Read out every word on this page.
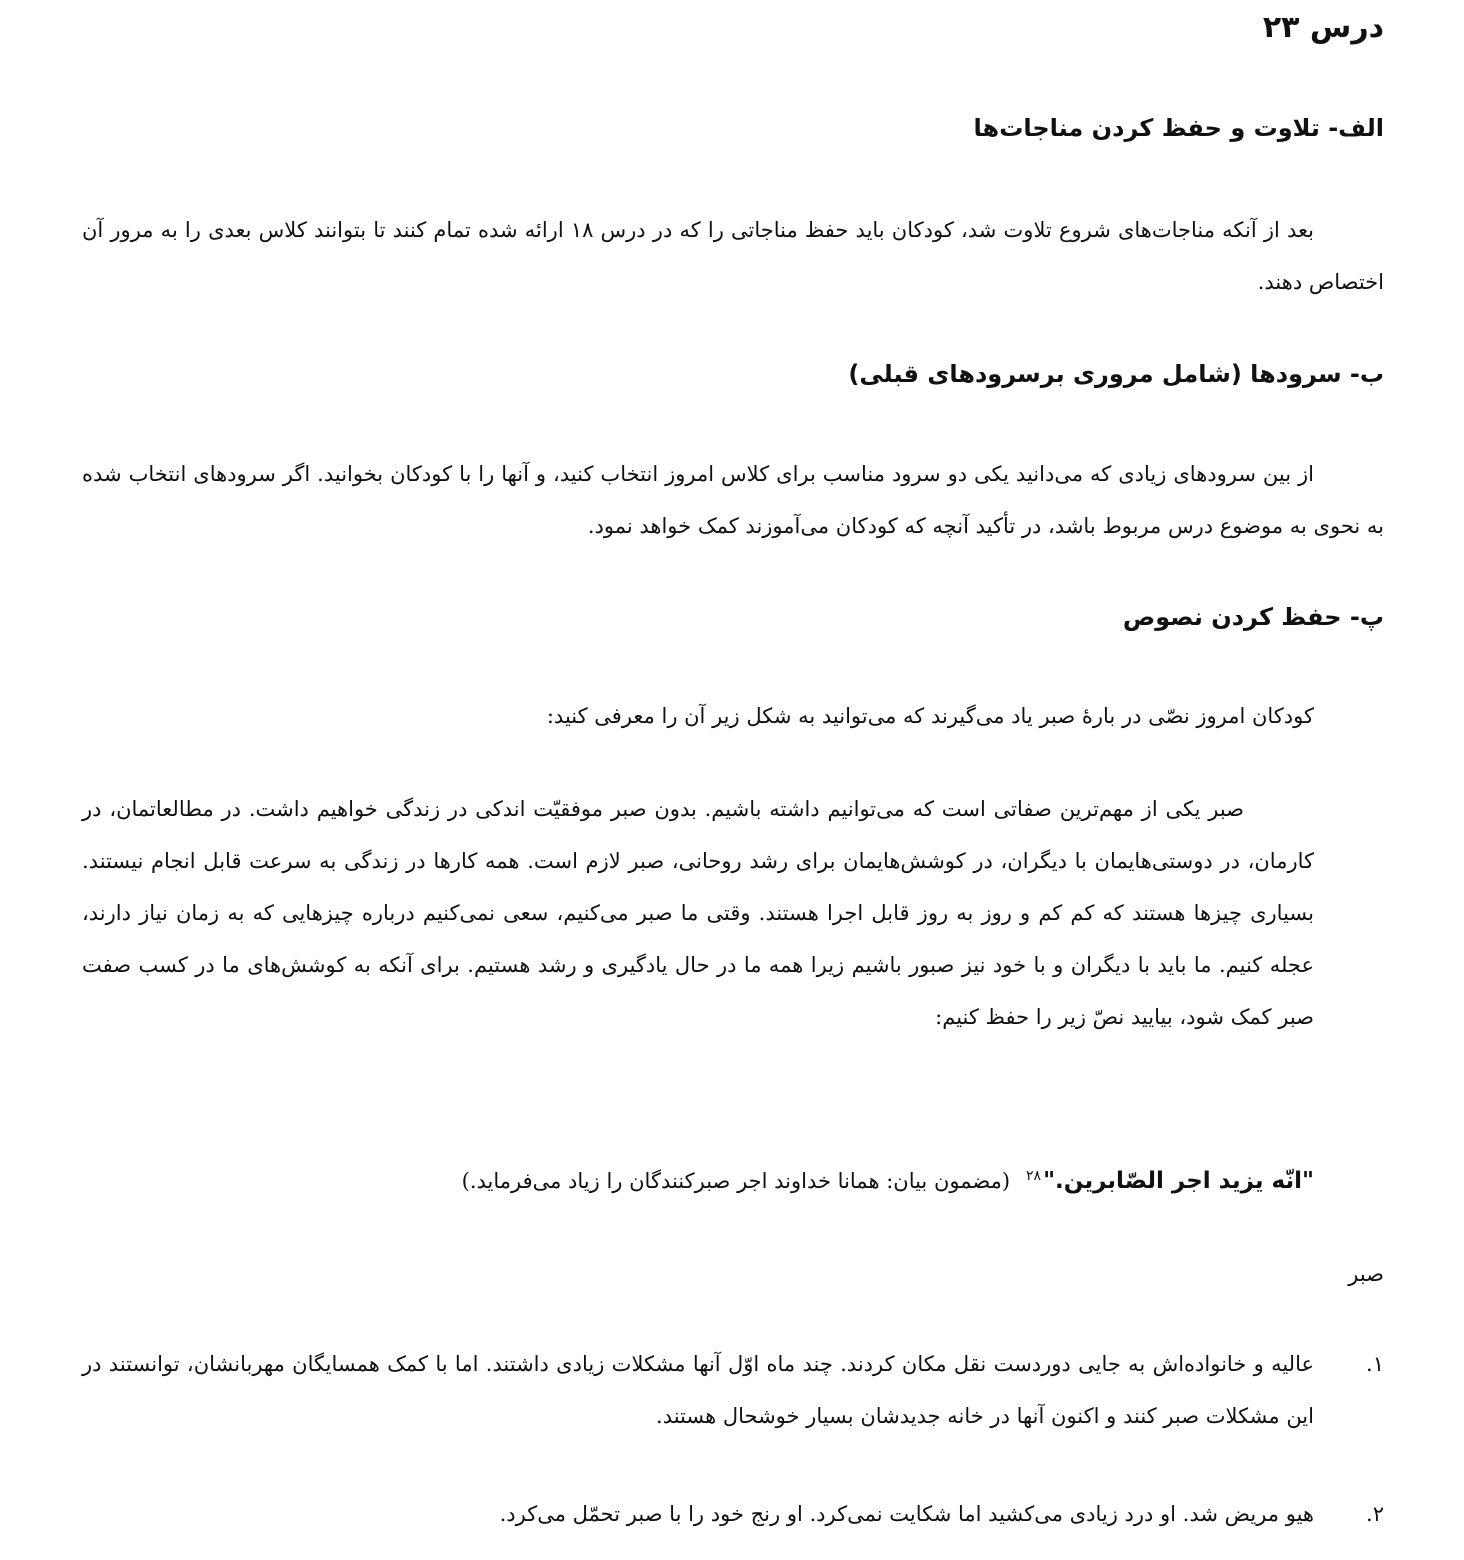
درس ۲۳
الف- تلاوت و حفظ کردن مناجات‌ها

بعد از آنکه مناجات‌های شروع تلاوت شد، کودکان باید حفظ مناجاتی را که در درس ۱۸ ارائه شده تمام کنند تا بتوانند کلاس بعدی را به مرور آن اختصاص دهند.

ب- سرودها (شامل مروری برسرودهای قبلی)

از بین سرودهای زیادی که می‌دانید یکی دو سرود مناسب برای کلاس امروز انتخاب کنید، و آنها را با کودکان بخوانید. اگر سرودهای انتخاب شده به نحوی به موضوع درس مربوط باشد، در تأکید آنچه که کودکان می‌آموزند کمک خواهد نمود.

پ- حفظ کردن نصوص

کودکان امروز نصّی در بارهٔ صبر یاد می‌گیرند که می‌توانید به شکل زیر آن را معرفی کنید:

صبر یکی از مهم‌ترین صفاتی است که می‌توانیم داشته باشیم. بدون صبر موفقیّت اندکی در زندگی خواهیم داشت. در مطالعاتمان، در کارمان، در دوستی‌هایمان با دیگران، در کوشش‌هایمان برای رشد روحانی، صبر لازم است. همه کارها در زندگی به سرعت قابل انجام نیستند. بسیاری چیزها هستند که کم کم و روز به روز قابل اجرا هستند. وقتی ما صبر می‌کنیم، سعی نمی‌کنیم درباره چیزهایی که به زمان نیاز دارند، عجله کنیم. ما باید با دیگران و با خود نیز صبور باشیم زیرا همه ما در حال یادگیری و رشد هستیم. برای آنکه به کوشش‌های ما در کسب صفت صبر کمک شود، بیایید نصّ زیر را حفظ کنیم:

"انّه یزید اجر الصّابرین."$^{۲۸}$(مضمون بیان: همانا خداوند اجر صبرکنندگان را زیاد می‌فرماید.)

صبر

۱.
عالیه و خانواده‌اش به جایی دوردست نقل مکان کردند. چند ماه اوّل آنها مشکلات زیادی داشتند. اما با کمک همسایگان مهربانشان، توانستند در این مشکلات صبر کنند و اکنون آنها در خانه جدیدشان بسیار خوشحال هستند.
۲.
هیو مریض شد. او درد زیادی می‌کشید اما شکایت نمی‌کرد. او رنج خود را با صبر تحمّل می‌کرد.
